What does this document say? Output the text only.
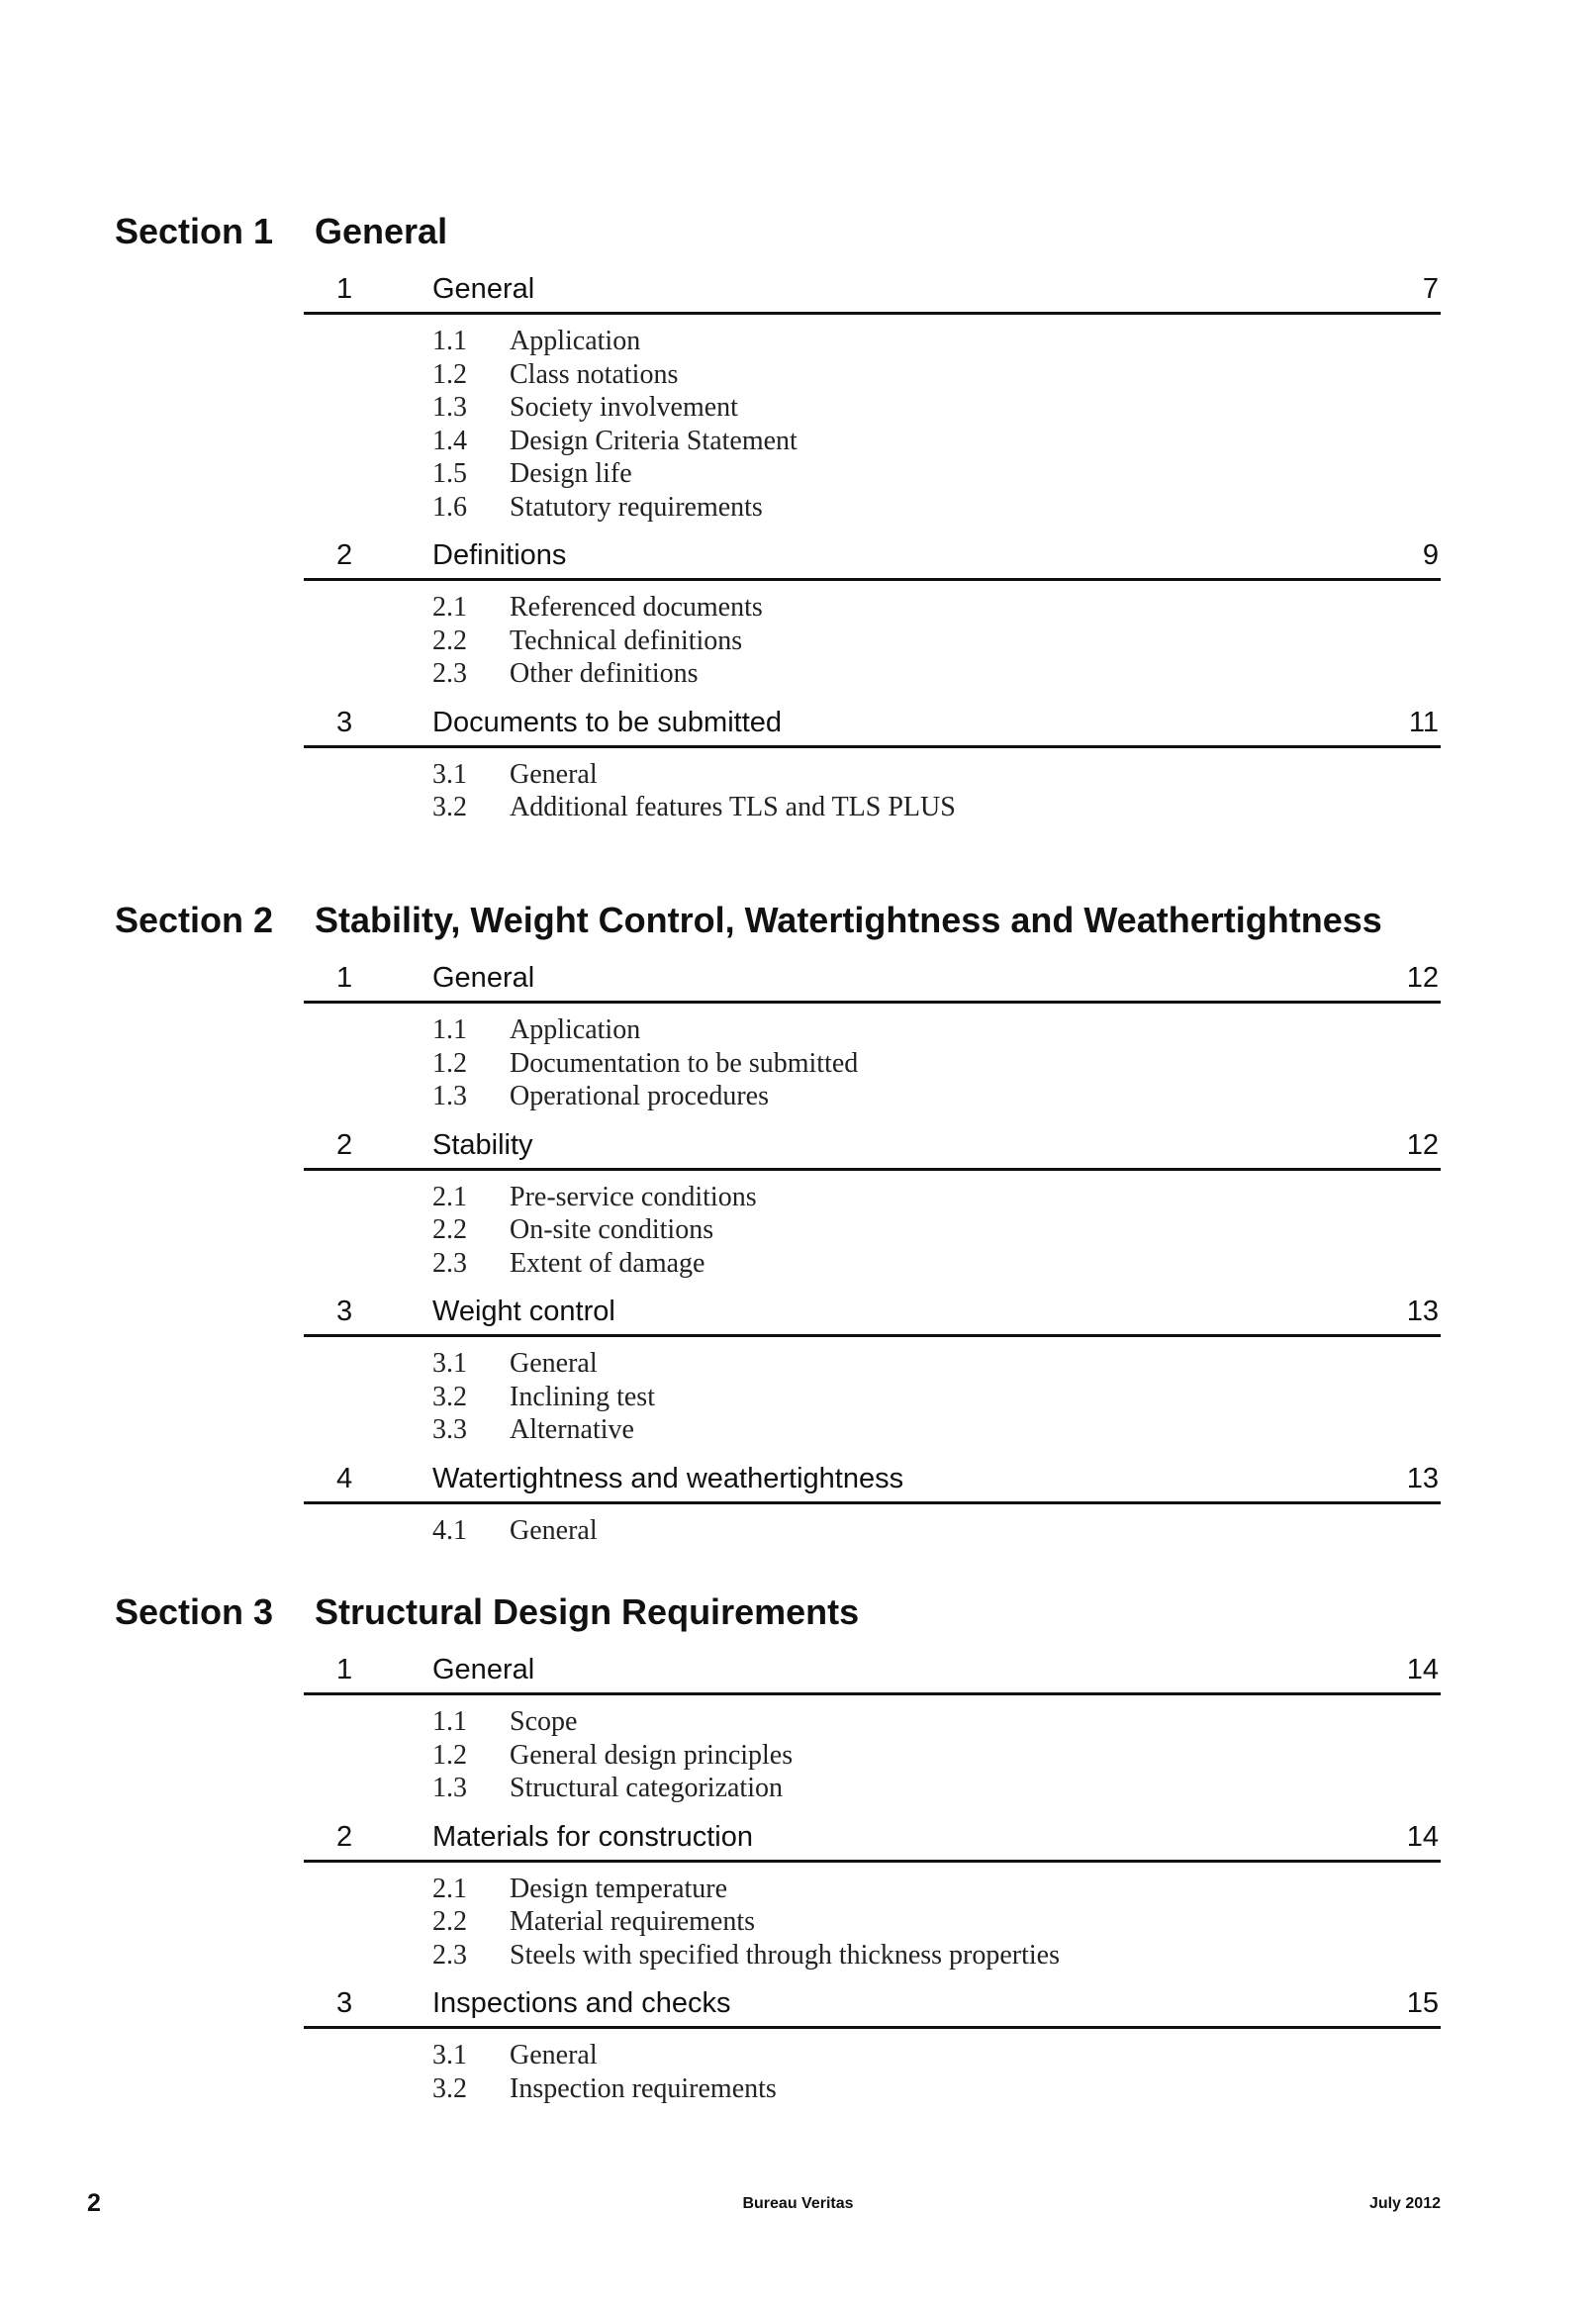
Section 1 General
1	General	7
1.1 Application
1.2 Class notations
1.3 Society involvement
1.4 Design Criteria Statement
1.5 Design life
1.6 Statutory requirements
2	Definitions	9
2.1 Referenced documents
2.2 Technical definitions
2.3 Other definitions
3	Documents to be submitted	11
3.1 General
3.2 Additional features TLS and TLS PLUS
Section 2 Stability, Weight Control, Watertightness and Weathertightness
1	General	12
1.1 Application
1.2 Documentation to be submitted
1.3 Operational procedures
2	Stability	12
2.1 Pre-service conditions
2.2 On-site conditions
2.3 Extent of damage
3	Weight control	13
3.1 General
3.2 Inclining test
3.3 Alternative
4	Watertightness and weathertightness	13
4.1 General
Section 3 Structural Design Requirements
1	General	14
1.1 Scope
1.2 General design principles
1.3 Structural categorization
2	Materials for construction	14
2.1 Design temperature
2.2 Material requirements
2.3 Steels with specified through thickness properties
3	Inspections and checks	15
3.1 General
3.2 Inspection requirements
2	Bureau Veritas	July 2012
